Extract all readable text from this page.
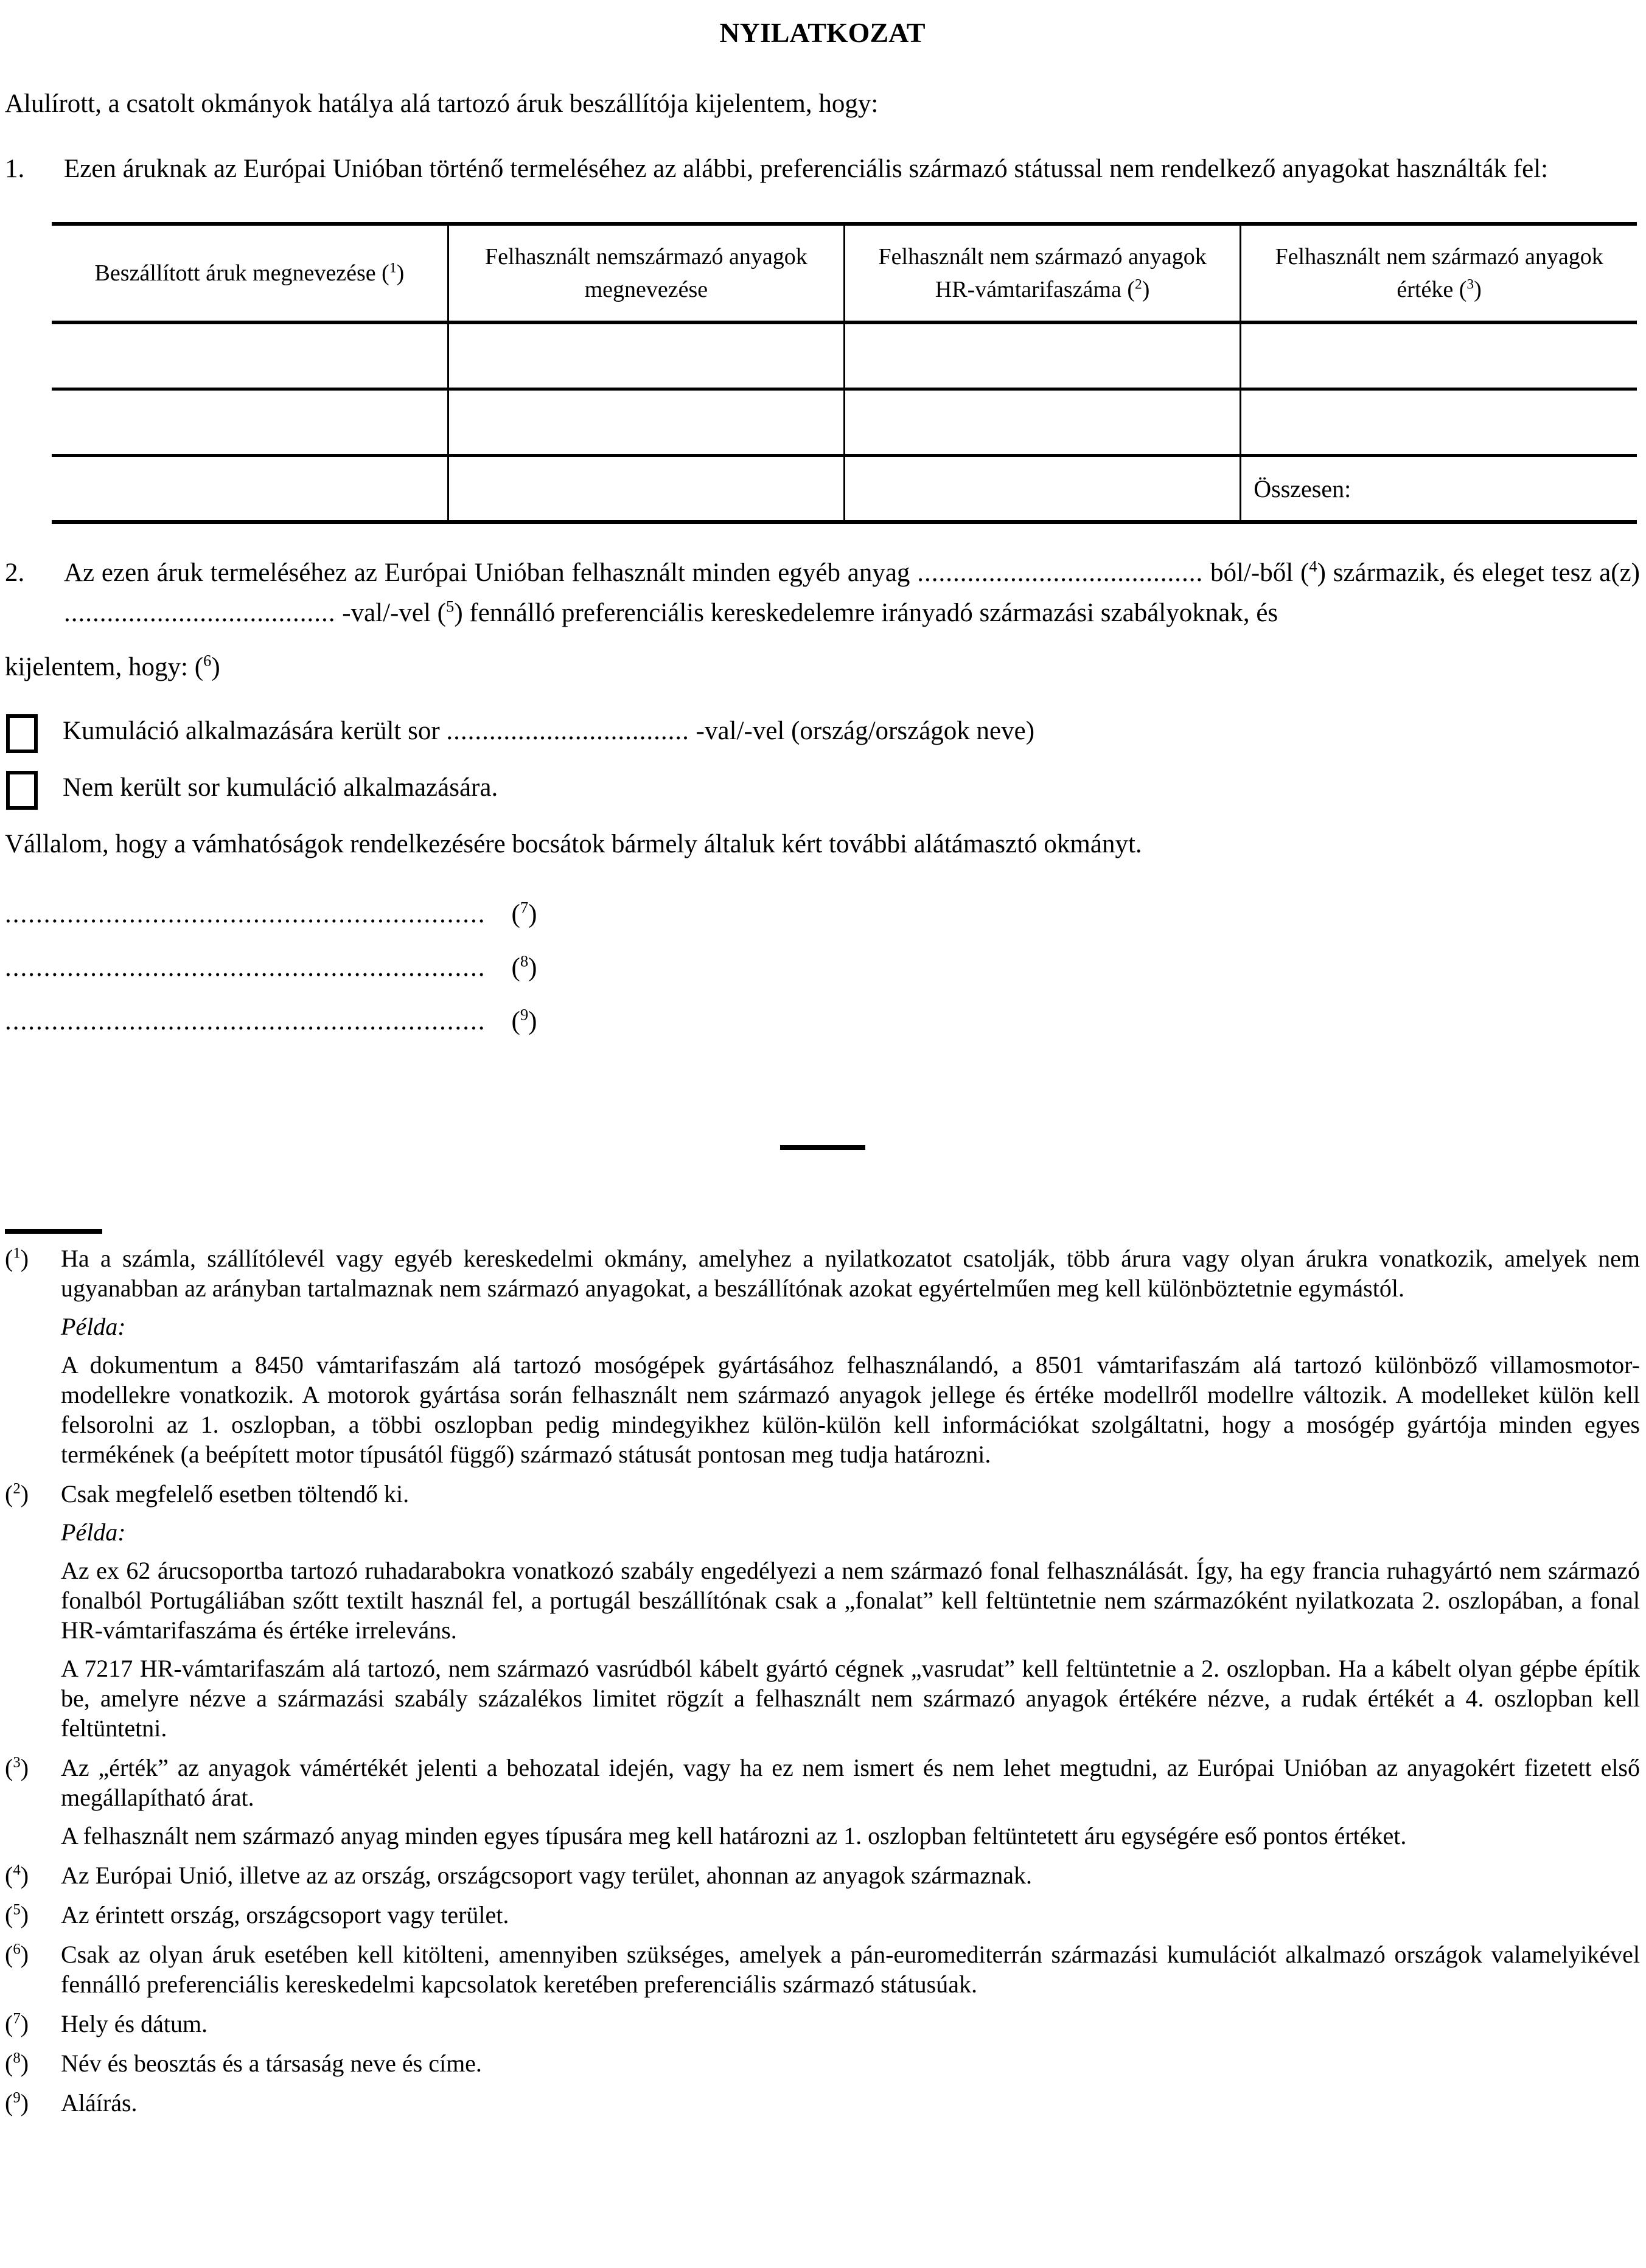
NYILATKOZAT

Alulírott, a csatolt okmányok hatálya alá tartozó áruk beszállítója kijelentem, hogy:

1.	Ezen áruknak az Európai Unióban történő termeléséhez az alábbi, preferenciális származó státussal nem rendelkező anyagokat használták fel:
Beszállított áruk megnevezése ($^1$)	Felhasznált nemszármazó anyagok megnevezése	Felhasznált nem származó anyagok HR-vámtarifaszáma ($^2$)	Felhasznált nem származó anyagok értéke ($^3$)

			Összesen:
2.	Az ezen áruk termeléséhez az Európai Unióban felhasznált minden egyéb anyag ........................................ ból/-ből ($^4$) származik, és eleget tesz a(z) ...................................... -val/-vel ($^5$) fennálló preferenciális kereskedelemre irányadó származási szabályoknak, és

kijelentem, hogy: ($^6$)

Kumuláció alkalmazására került sor .................................. -val/-vel (ország/országok neve)
Nem került sor kumuláció alkalmazására.

Vállalom, hogy a vámhatóságok rendelkezésére bocsátok bármely általuk kért további alátámasztó okmányt.

.............................................................. ($^7$)
.............................................................. ($^8$)
.............................................................. ($^9$)
($^1$)	Ha a számla, szállítólevél vagy egyéb kereskedelmi okmány, amelyhez a nyilatkozatot csatolják, több árura vagy olyan árukra vonatkozik, amelyek nem ugyanabban az arányban tartalmaznak nem származó anyagokat, a beszállítónak azokat egyértelműen meg kell különböztetnie egymástól.

Példa:

A dokumentum a 8450 vámtarifaszám alá tartozó mosógépek gyártásához felhasználandó, a 8501 vámtarifaszám alá tartozó különböző villamosmotor-modellekre vonatkozik. A motorok gyártása során felhasznált nem származó anyagok jellege és értéke modellről modellre változik. A modelleket külön kell felsorolni az 1. oszlopban, a többi oszlopban pedig mindegyikhez külön-külön kell információkat szolgáltatni, hogy a mosógép gyártója minden egyes termékének (a beépített motor típusától függő) származó státusát pontosan meg tudja határozni.

($^2$)	Csak megfelelő esetben töltendő ki.

Példa:

Az ex 62 árucsoportba tartozó ruhadarabokra vonatkozó szabály engedélyezi a nem származó fonal felhasználását. Így, ha egy francia ruhagyártó nem származó fonalból Portugáliában szőtt textilt használ fel, a portugál beszállítónak csak a „fonalat” kell feltüntetnie nem származóként nyilatkozata 2. oszlopában, a fonal HR-vámtarifaszáma és értéke irreleváns.

A 7217 HR-vámtarifaszám alá tartozó, nem származó vasrúdból kábelt gyártó cégnek „vasrudat” kell feltüntetnie a 2. oszlopban. Ha a kábelt olyan gépbe építik be, amelyre nézve a származási szabály százalékos limitet rögzít a felhasznált nem származó anyagok értékére nézve, a rudak értékét a 4. oszlopban kell feltüntetni.

($^3$)	Az „érték” az anyagok vámértékét jelenti a behozatal idején, vagy ha ez nem ismert és nem lehet megtudni, az Európai Unióban az anyagokért fizetett első megállapítható árat.

A felhasznált nem származó anyag minden egyes típusára meg kell határozni az 1. oszlopban feltüntetett áru egységére eső pontos értéket.

($^4$)	Az Európai Unió, illetve az az ország, országcsoport vagy terület, ahonnan az anyagok származnak.

($^5$)	Az érintett ország, országcsoport vagy terület.

($^6$)	Csak az olyan áruk esetében kell kitölteni, amennyiben szükséges, amelyek a pán-euromediterrán származási kumulációt alkalmazó országok valamelyikével fennálló preferenciális kereskedelmi kapcsolatok keretében preferenciális származó státusúak.

($^7$)	Hely és dátum.

($^8$)	Név és beosztás és a társaság neve és címe.

($^9$)	Aláírás.
